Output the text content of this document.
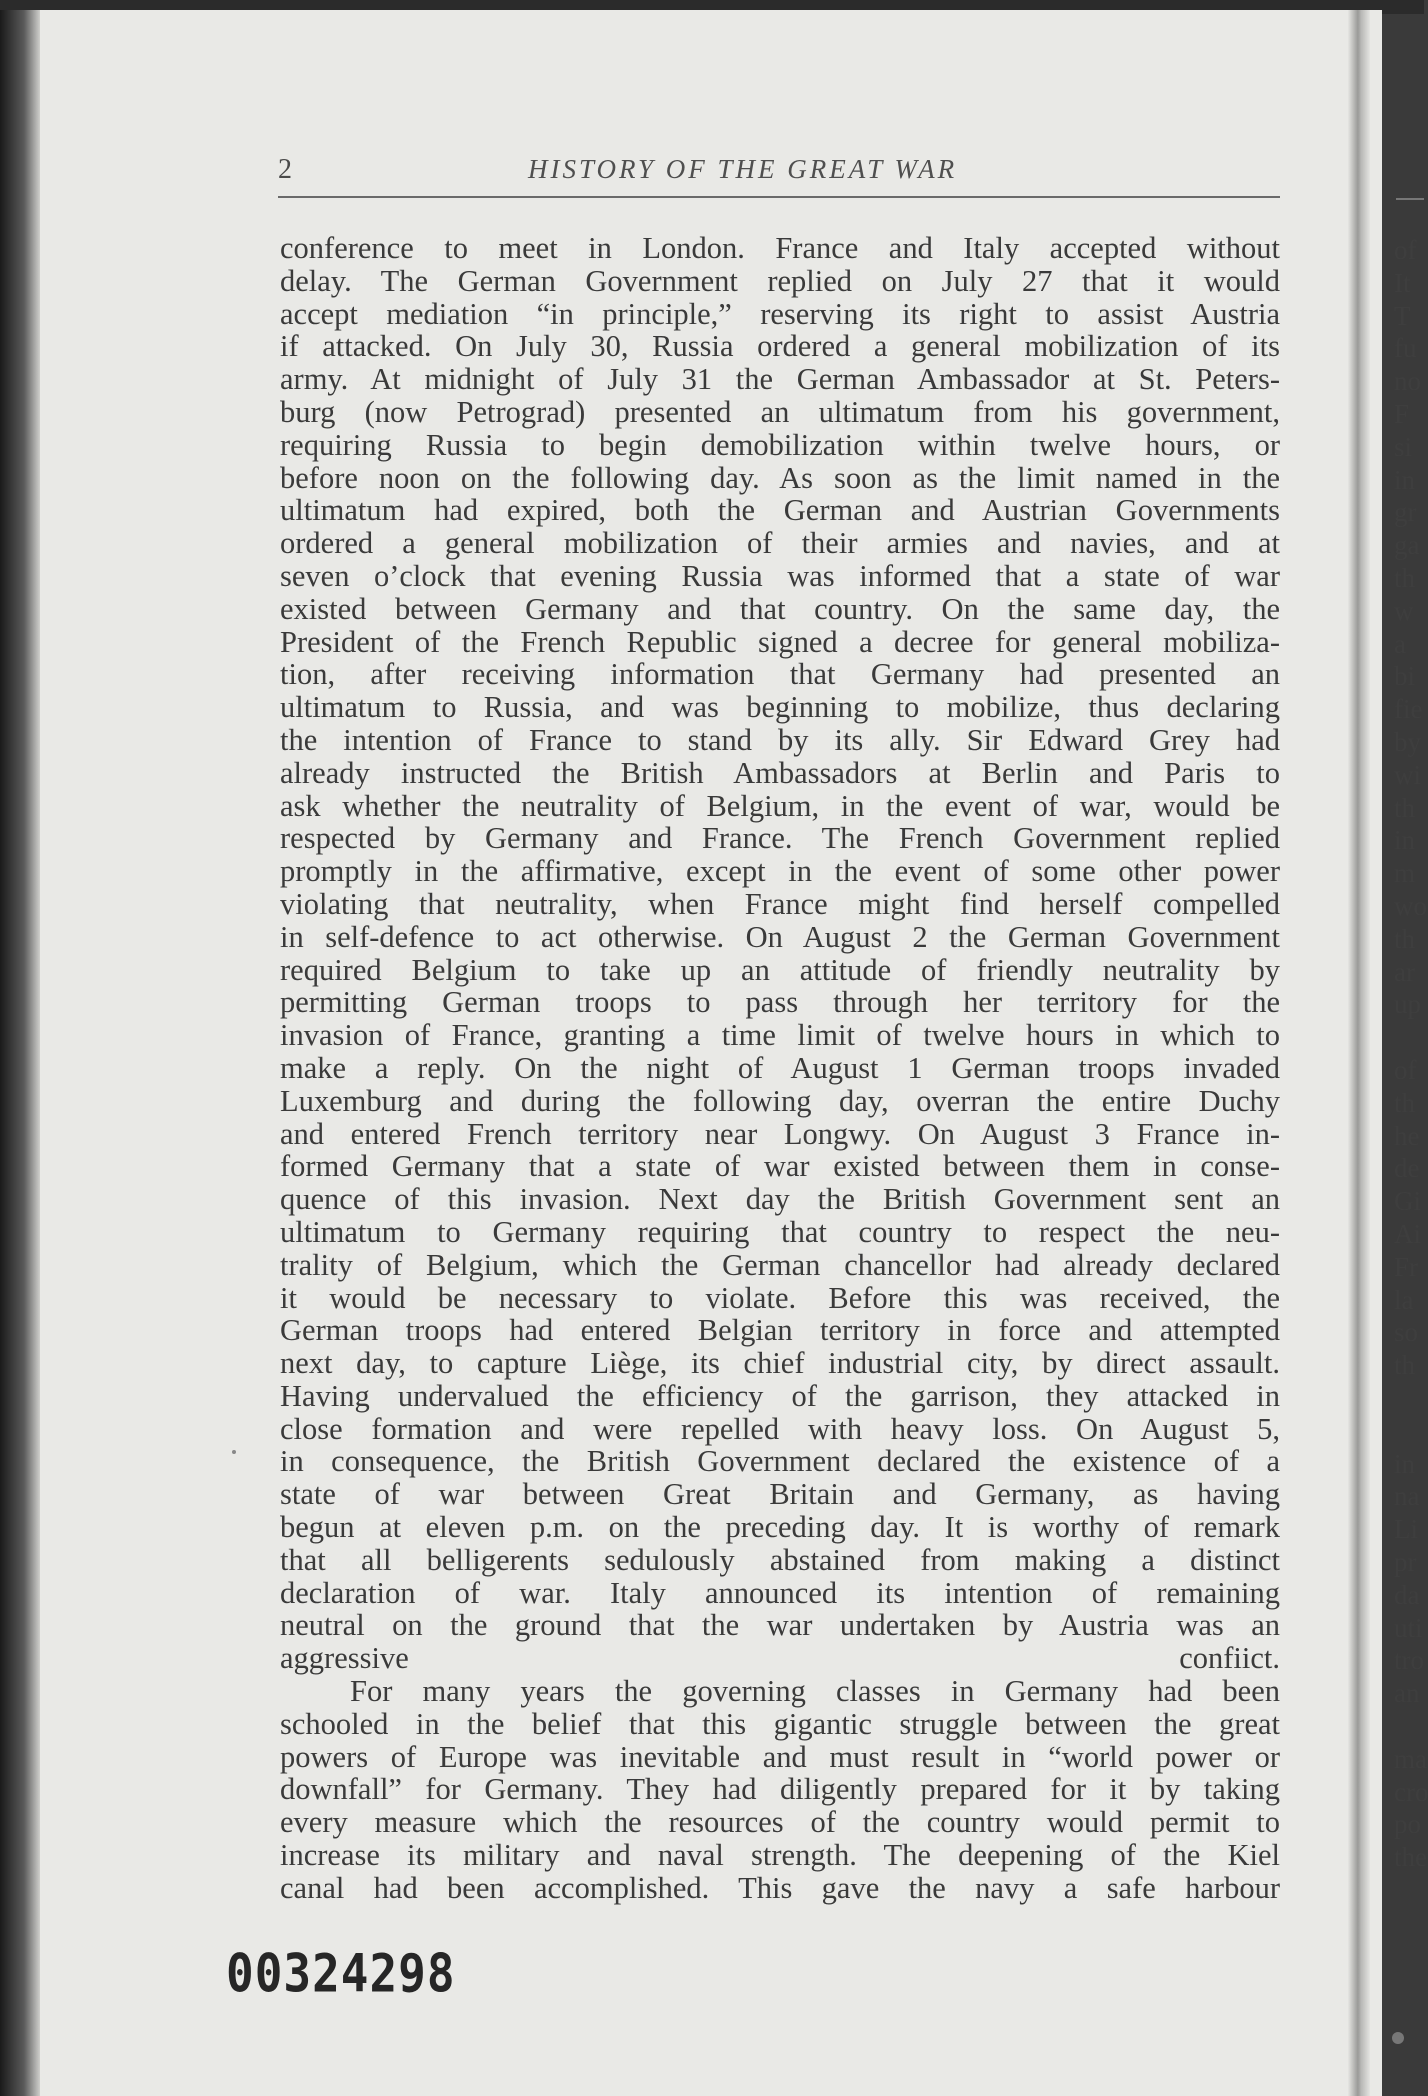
2	HISTORY OF THE GREAT WAR
conference to meet in London. France and Italy accepted without
delay. The German Government replied on July 27 that it would
accept mediation “in principle,” reserving its right to assist Austria
if attacked. On July 30, Russia ordered a general mobilization of its
army. At midnight of July 31 the German Ambassador at St. Peters-
burg (now Petrograd) presented an ultimatum from his government,
requiring Russia to begin demobilization within twelve hours, or
before noon on the following day. As soon as the limit named in the
ultimatum had expired, both the German and Austrian Governments
ordered a general mobilization of their armies and navies, and at
seven o’clock that evening Russia was informed that a state of war
existed between Germany and that country. On the same day, the
President of the French Republic signed a decree for general mobiliza-
tion, after receiving information that Germany had presented an
ultimatum to Russia, and was beginning to mobilize, thus declaring
the intention of France to stand by its ally. Sir Edward Grey had
already instructed the British Ambassadors at Berlin and Paris to
ask whether the neutrality of Belgium, in the event of war, would be
respected by Germany and France. The French Government replied
promptly in the affirmative, except in the event of some other power
violating that neutrality, when France might find herself compelled
in self-defence to act otherwise. On August 2 the German Government
required Belgium to take up an attitude of friendly neutrality by
permitting German troops to pass through her territory for the
invasion of France, granting a time limit of twelve hours in which to
make a reply. On the night of August 1 German troops invaded
Luxemburg and during the following day, overran the entire Duchy
and entered French territory near Longwy. On August 3 France in-
formed Germany that a state of war existed between them in conse-
quence of this invasion. Next day the British Government sent an
ultimatum to Germany requiring that country to respect the neu-
trality of Belgium, which the German chancellor had already declared
it would be necessary to violate. Before this was received, the
German troops had entered Belgian territory in force and attempted
next day, to capture Liège, its chief industrial city, by direct assault.
Having undervalued the efficiency of the garrison, they attacked in
close formation and were repelled with heavy loss. On August 5,
in consequence, the British Government declared the existence of a
state of war between Great Britain and Germany, as having
begun at eleven p.m. on the preceding day. It is worthy of remark
that all belligerents sedulously abstained from making a distinct
declaration of war. Italy announced its intention of remaining
neutral on the ground that the war undertaken by Austria was an
aggressive confiict.
For many years the governing classes in Germany had been
schooled in the belief that this gigantic struggle between the great
powers of Europe was inevitable and must result in “world power or
downfall” for Germany. They had diligently prepared for it by taking
every measure which the resources of the country would permit to
increase its military and naval strength. The deepening of the Kiel
canal had been accomplished. This gave the navy a safe harbour
00324298
of
It
T
fu
no
F
si
in
gr
ga
th
w
a
bi
fie
by
wi
th
in
m
wo
th
ar
up
of
th
he
de
Gi
Ai
Fr
la
so
th
in
na
Li
pr
da
uti
tro
an
ma
cro
po
the
